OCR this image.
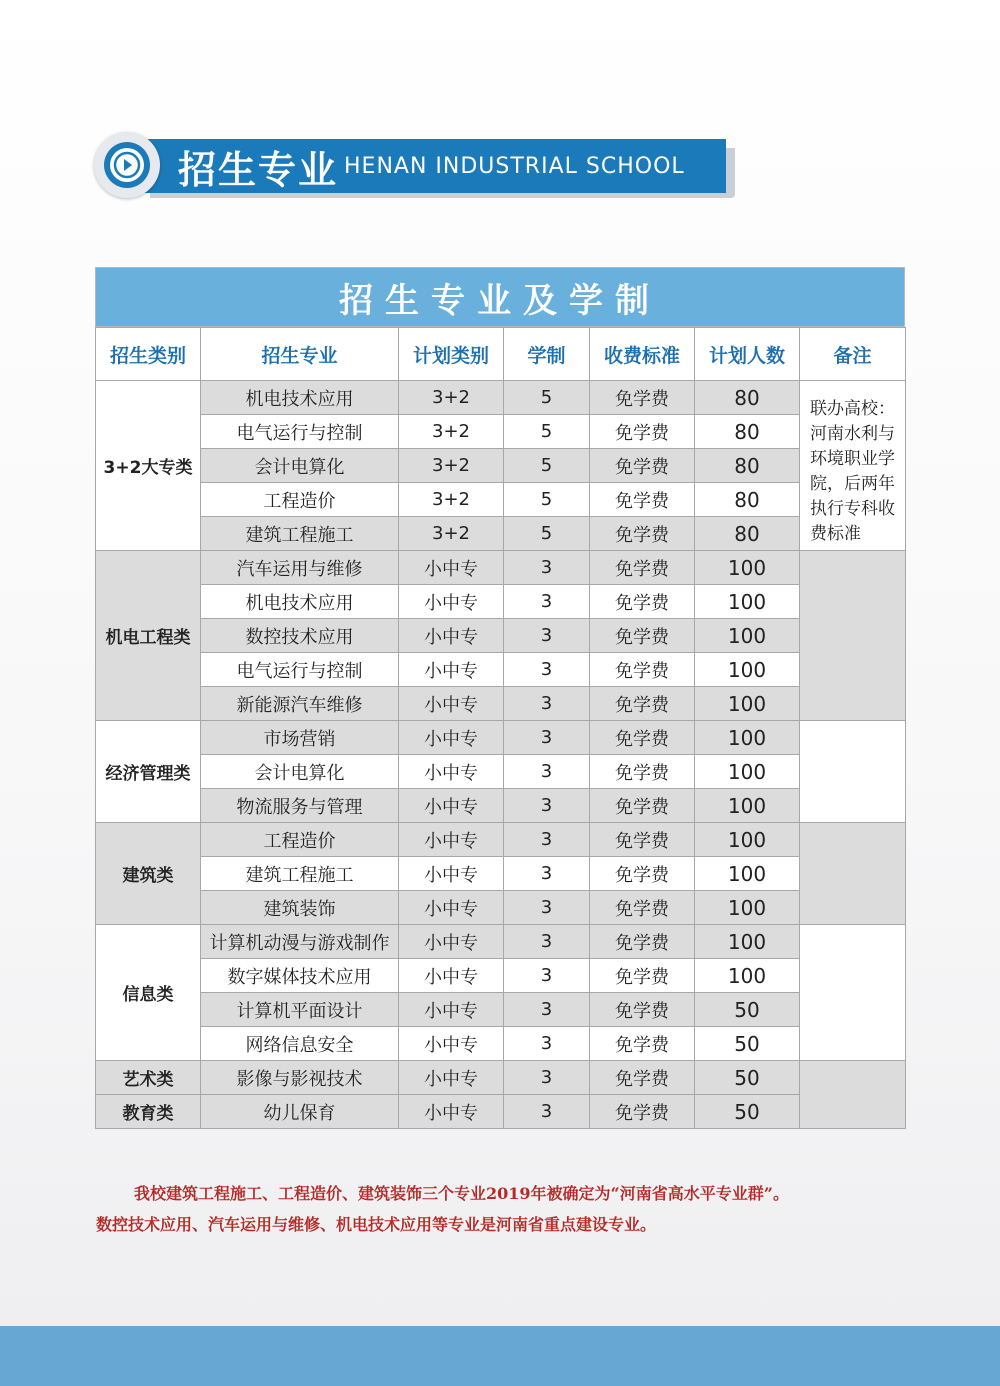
招生专业 HENAN INDUSTRIAL SCHOOL
招生专业及学制
招生类别	招生专业	计划类别	学制	收费标准	计划人数	备注
3+2大专类	机电技术应用	3+2	5	免学费	80	联办高校：河南水利与环境职业学院，后两年执行专科收费标准
	电气运行与控制	3+2	5	免学费	80	
	会计电算化	3+2	5	免学费	80	
	工程造价	3+2	5	免学费	80	
	建筑工程施工	3+2	5	免学费	80	
机电工程类	汽车运用与维修	小中专	3	免学费	100	
	机电技术应用	小中专	3	免学费	100	
	数控技术应用	小中专	3	免学费	100	
	电气运行与控制	小中专	3	免学费	100	
	新能源汽车维修	小中专	3	免学费	100	
经济管理类	市场营销	小中专	3	免学费	100	
	会计电算化	小中专	3	免学费	100	
	物流服务与管理	小中专	3	免学费	100	
建筑类	工程造价	小中专	3	免学费	100	
	建筑工程施工	小中专	3	免学费	100	
	建筑装饰	小中专	3	免学费	100	
信息类	计算机动漫与游戏制作	小中专	3	免学费	100	
	数字媒体技术应用	小中专	3	免学费	100	
	计算机平面设计	小中专	3	免学费	50	
	网络信息安全	小中专	3	免学费	50	
艺术类	影像与影视技术	小中专	3	免学费	50	
教育类	幼儿保育	小中专	3	免学费	50	

我校建筑工程施工、工程造价、建筑装饰三个专业2019年被确定为“河南省高水平专业群”。

数控技术应用、汽车运用与维修、机电技术应用等专业是河南省重点建设专业。
